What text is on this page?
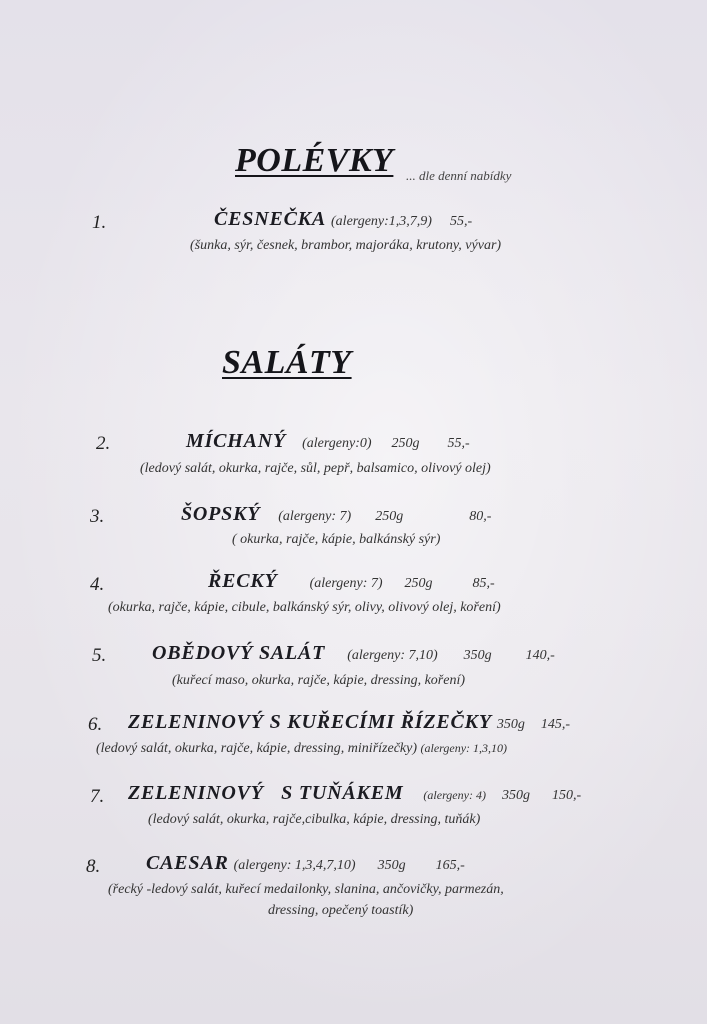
POLÉVKY ... dle denní nabídky
1.	ČESNEČKA (alergeny:1,3,7,9) 55,-
(šunka, sýr, česnek, brambor, majoráka, krutony, vývar)
SALÁTY
2.	MÍCHANÝ (alergeny:0) 250g 55,-
(ledový salát, okurka, rajče, sůl, pepř, balsamico, olivový olej)
3.	ŠOPSKÝ (alergeny: 7) 250g	80,-
( okurka, rajče, kápie, balkánský sýr)
4.	ŘECKÝ (alergeny: 7) 250g	85,-
(okurka, rajče, kápie, cibule, balkánský sýr, olivy, olivový olej, koření)
5. OBĚDOVÝ SALÁT (alergeny: 7,10) 350g 140,-
(kuřecí maso, okurka, rajče, kápie, dressing, koření)
6. ZELENINOVÝ S KUŘECÍMI ŘÍZEČKY 350g 145,-
(ledový salát, okurka, rajče, kápie, dressing, miniřízečky) (alergeny: 1,3,10)
7. ZELENINOVÝ   S TUŇÁKEM (alergeny: 4) 350g 150,-
(ledový salát, okurka, rajče,cibulka, kápie, dressing, tuňák)
8. CAESAR (alergeny: 1,3,4,7,10) 350g 165,-
(řecký -ledový salát, kuřecí medailonky, slanina, ančovičky, parmezán,
dressing, opečený toastík)
